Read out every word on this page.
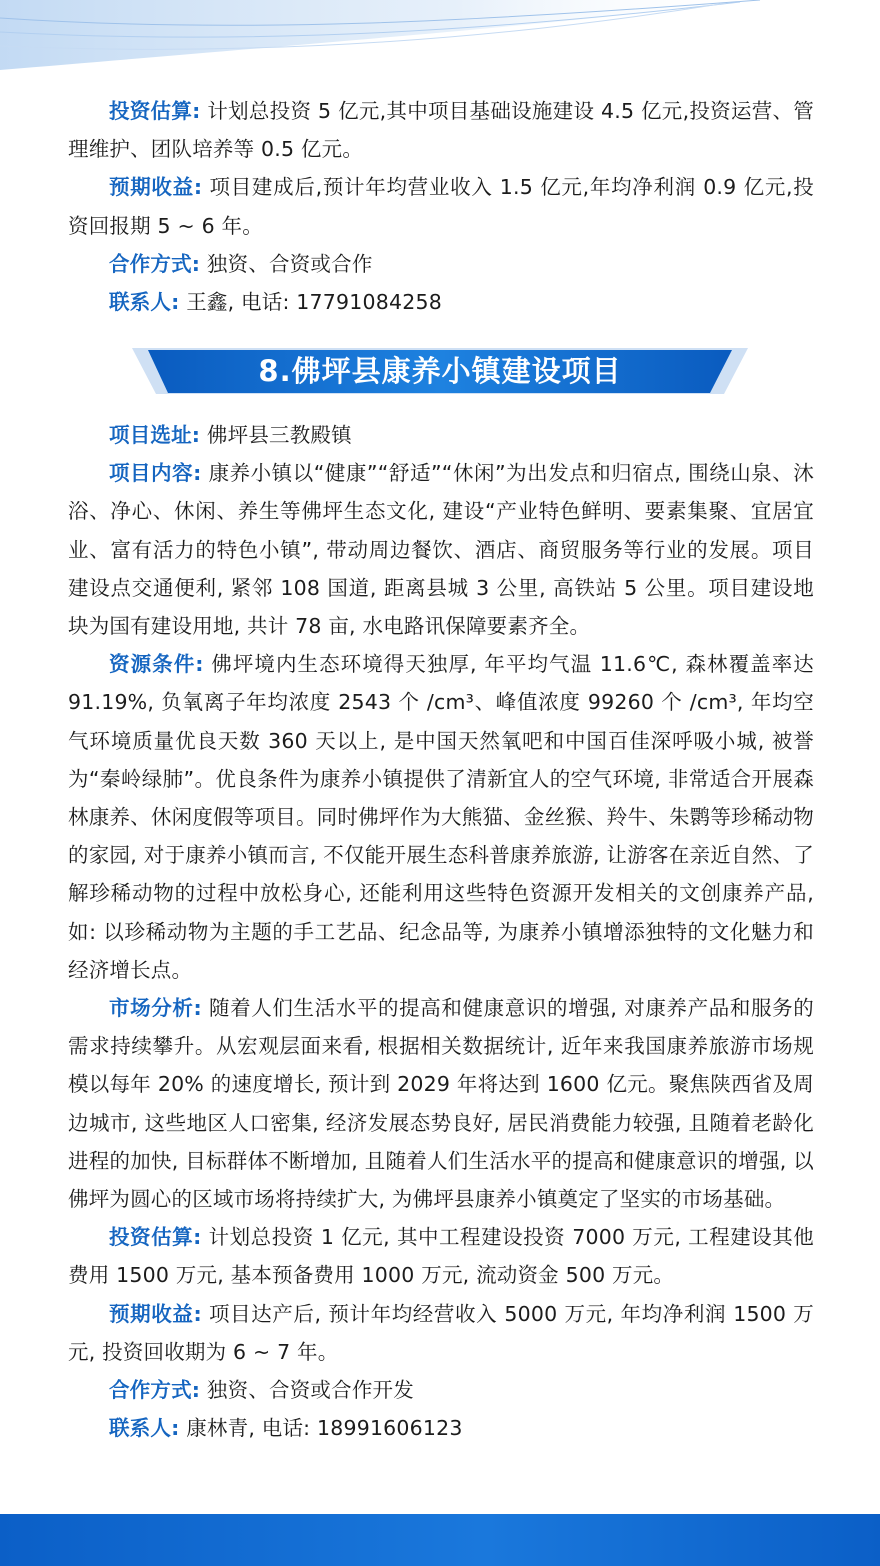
投资估算: 计划总投资 5 亿元,其中项目基础设施建设 4.5 亿元,投资运营、管理维护、团队培养等 0.5 亿元。

预期收益: 项目建成后,预计年均营业收入 1.5 亿元,年均净利润 0.9 亿元,投资回报期 5 ~ 6 年。

合作方式: 独资、合资或合作

联系人: 王鑫, 电话: 17791084258

8.佛坪县康养小镇建设项目

项目选址: 佛坪县三教殿镇

项目内容: 康养小镇以“健康”“舒适”“休闲”为出发点和归宿点, 围绕山泉、沐浴、净心、休闲、养生等佛坪生态文化, 建设“产业特色鲜明、要素集聚、宜居宜业、富有活力的特色小镇”, 带动周边餐饮、酒店、商贸服务等行业的发展。项目建设点交通便利, 紧邻 108 国道, 距离县城 3 公里, 高铁站 5 公里。项目建设地块为国有建设用地, 共计 78 亩, 水电路讯保障要素齐全。

资源条件: 佛坪境内生态环境得天独厚, 年平均气温 11.6℃, 森林覆盖率达 91.19%, 负氧离子年均浓度 2543 个 /cm³、峰值浓度 99260 个 /cm³, 年均空气环境质量优良天数 360 天以上, 是中国天然氧吧和中国百佳深呼吸小城, 被誉为“秦岭绿肺”。优良条件为康养小镇提供了清新宜人的空气环境, 非常适合开展森林康养、休闲度假等项目。同时佛坪作为大熊猫、金丝猴、羚牛、朱鹮等珍稀动物的家园, 对于康养小镇而言, 不仅能开展生态科普康养旅游, 让游客在亲近自然、了解珍稀动物的过程中放松身心, 还能利用这些特色资源开发相关的文创康养产品, 如: 以珍稀动物为主题的手工艺品、纪念品等, 为康养小镇增添独特的文化魅力和经济增长点。

市场分析: 随着人们生活水平的提高和健康意识的增强, 对康养产品和服务的需求持续攀升。从宏观层面来看, 根据相关数据统计, 近年来我国康养旅游市场规模以每年 20% 的速度增长, 预计到 2029 年将达到 1600 亿元。聚焦陕西省及周边城市, 这些地区人口密集, 经济发展态势良好, 居民消费能力较强, 且随着老龄化进程的加快, 目标群体不断增加, 且随着人们生活水平的提高和健康意识的增强, 以佛坪为圆心的区域市场将持续扩大, 为佛坪县康养小镇奠定了坚实的市场基础。

投资估算: 计划总投资 1 亿元, 其中工程建设投资 7000 万元, 工程建设其他费用 1500 万元, 基本预备费用 1000 万元, 流动资金 500 万元。

预期收益: 项目达产后, 预计年均经营收入 5000 万元, 年均净利润 1500 万元, 投资回收期为 6 ~ 7 年。

合作方式: 独资、合资或合作开发

联系人: 康林青, 电话: 18991606123
